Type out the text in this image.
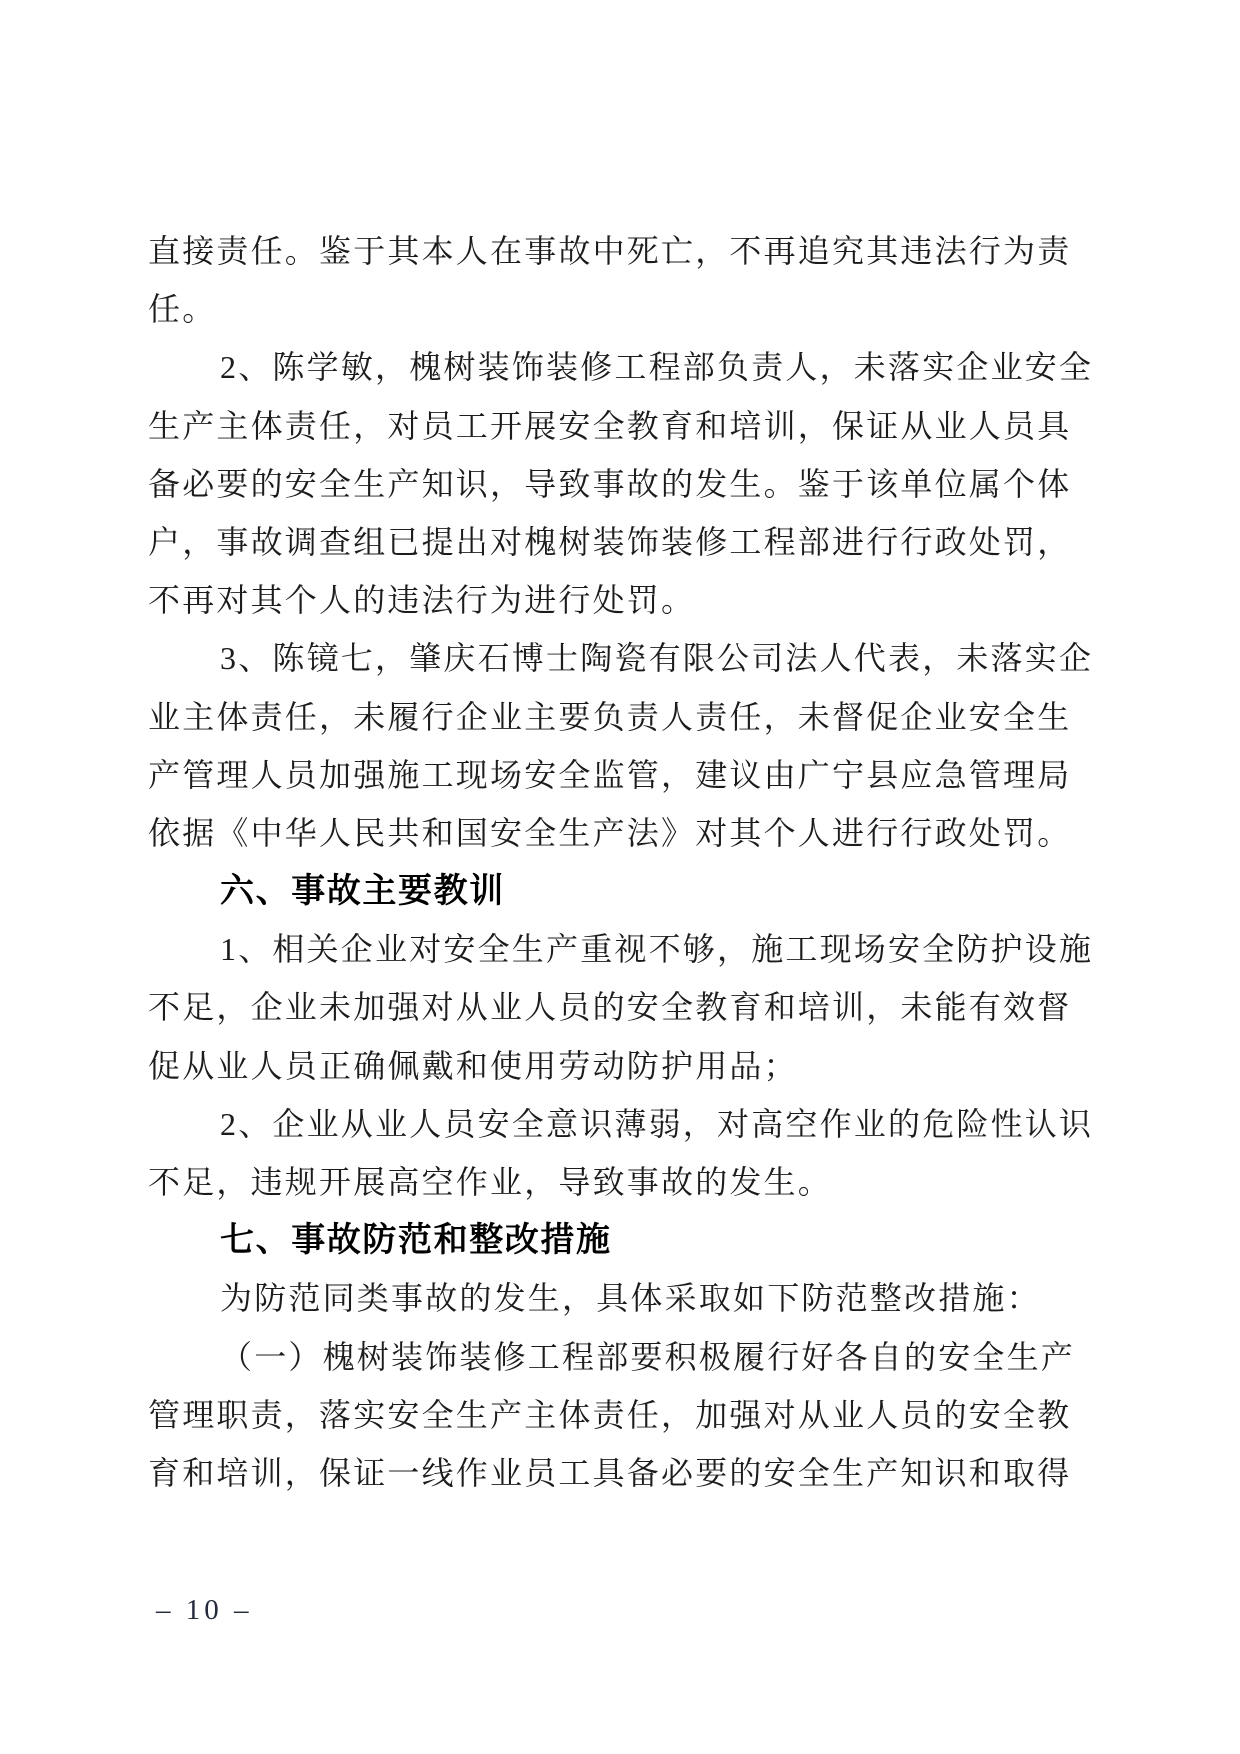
直接责任。鉴于其本人在事故中死亡，不再追究其违法行为责
任。
2、陈学敏，槐树装饰装修工程部负责人，未落实企业安全
生产主体责任，对员工开展安全教育和培训，保证从业人员具
备必要的安全生产知识，导致事故的发生。鉴于该单位属个体
户，事故调查组已提出对槐树装饰装修工程部进行行政处罚，
不再对其个人的违法行为进行处罚。
3、陈镜七，肇庆石博士陶瓷有限公司法人代表，未落实企
业主体责任，未履行企业主要负责人责任，未督促企业安全生
产管理人员加强施工现场安全监管，建议由广宁县应急管理局
依据《中华人民共和国安全生产法》对其个人进行行政处罚。
六、事故主要教训
1、相关企业对安全生产重视不够，施工现场安全防护设施
不足，企业未加强对从业人员的安全教育和培训，未能有效督
促从业人员正确佩戴和使用劳动防护用品；
2、企业从业人员安全意识薄弱，对高空作业的危险性认识
不足，违规开展高空作业，导致事故的发生。
七、事故防范和整改措施
为防范同类事故的发生，具体采取如下防范整改措施：
（一）槐树装饰装修工程部要积极履行好各自的安全生产
管理职责，落实安全生产主体责任，加强对从业人员的安全教
育和培训，保证一线作业员工具备必要的安全生产知识和取得
– 10 –
